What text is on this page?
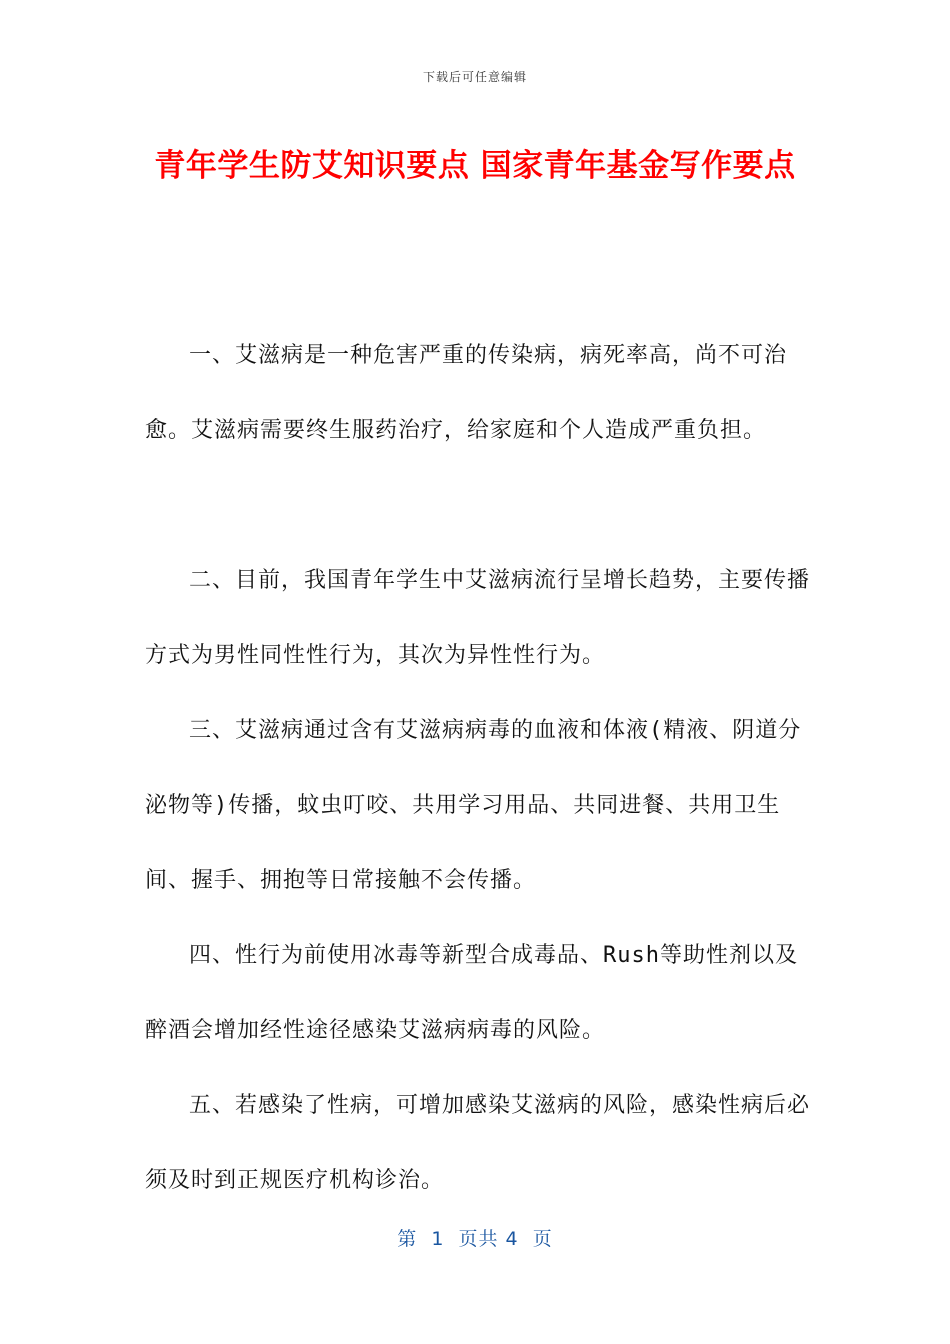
下载后可任意编辑
青年学生防艾知识要点 国家青年基金写作要点

一、艾滋病是一种危害严重的传染病，病死率高，尚不可治愈。艾滋病需要终生服药治疗，给家庭和个人造成严重负担。

二、目前，我国青年学生中艾滋病流行呈增长趋势，主要传播方式为男性同性性行为，其次为异性性行为。

三、艾滋病通过含有艾滋病病毒的血液和体液(精液、阴道分泌物等)传播，蚊虫叮咬、共用学习用品、共同进餐、共用卫生间、握手、拥抱等日常接触不会传播。

四、性行为前使用冰毒等新型合成毒品、Rush等助性剂以及醉酒会增加经性途径感染艾滋病病毒的风险。

五、若感染了性病，可增加感染艾滋病的风险，感染性病后必须及时到正规医疗机构诊治。

第  1  页共 4  页
